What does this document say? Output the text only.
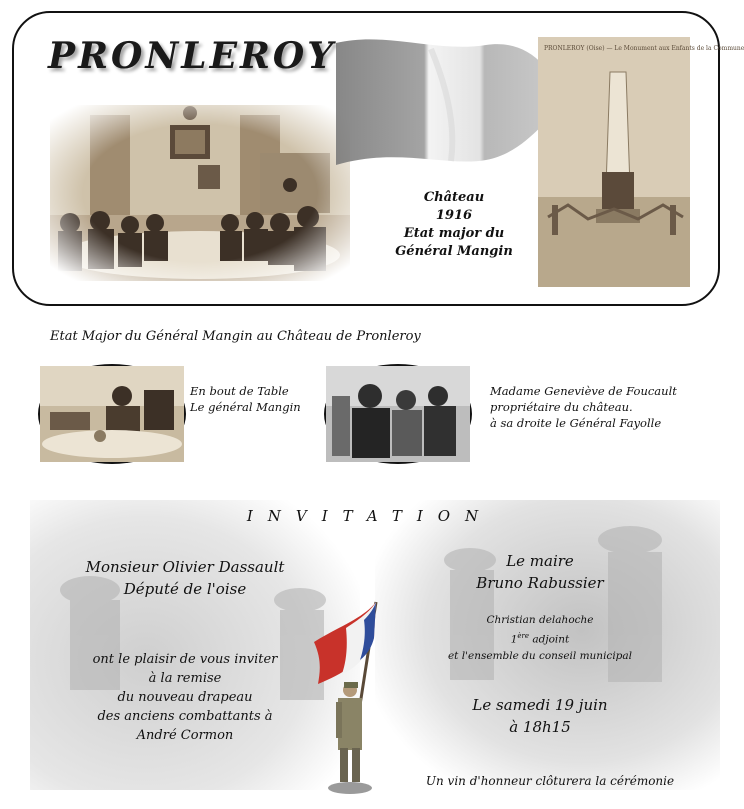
PRONLEROY
Château
1916
Etat major du
Général Mangin
PRONLEROY (Oise) — Le Monument aux Enfants de la Commune
Etat Major du Général Mangin au Château de Pronleroy
En bout de Table
Le général Mangin
Madame Geneviève de Foucault
propriétaire du château.
à sa droite le Général Fayolle
INVITATION
Monsieur Olivier Dassault
Député de l'oise
ont le plaisir de vous inviter
à la remise
du nouveau drapeau
des anciens combattants à
André Cormon
Le maire
Bruno Rabussier
Christian delahoche
1ère adjoint
et l'ensemble du conseil municipal
Le samedi 19 juin
à 18h15
Un vin d'honneur clôturera la cérémonie
